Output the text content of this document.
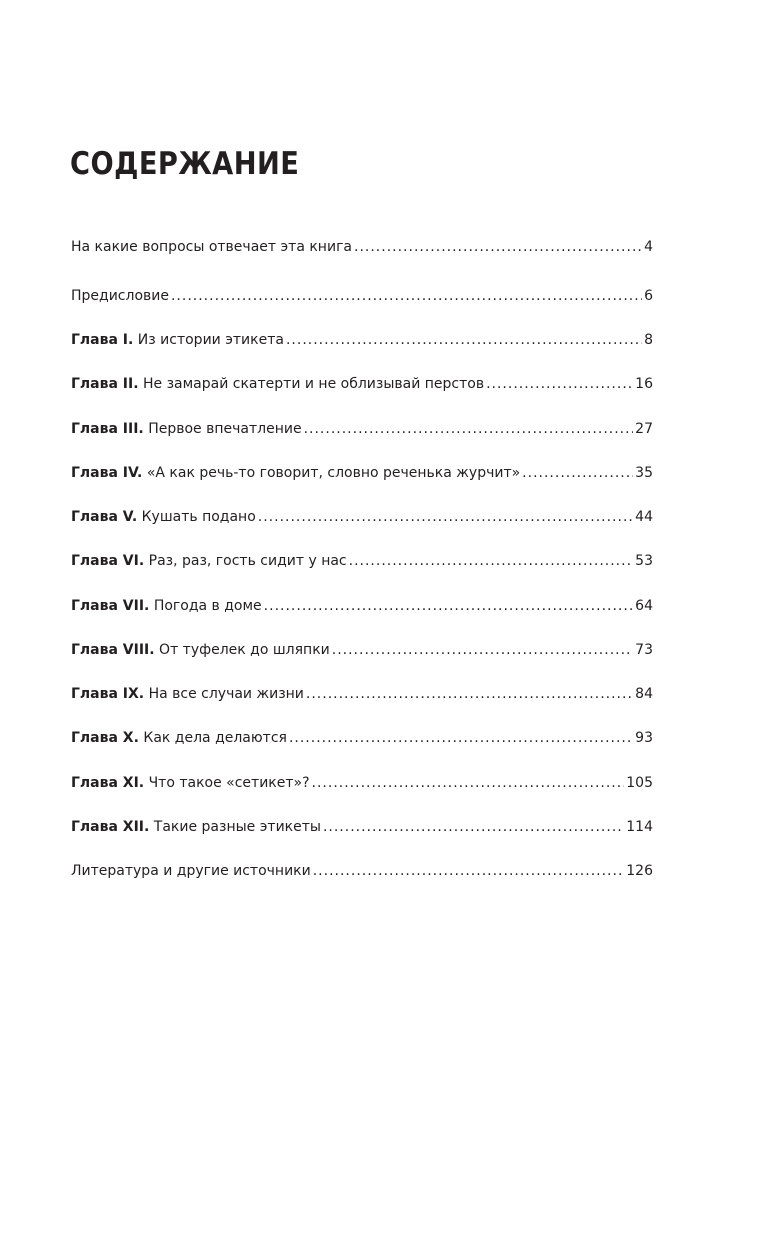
СОДЕРЖАНИЕ
На какие вопросы отвечает эта книга .....	4
Предисловие .....	6
Глава I. Из истории этикета .....	8
Глава II. Не замарай скатерти и не облизывай перстов .....	16
Глава III. Первое впечатление .....	27
Глава IV. «А как речь-то говорит, словно реченька журчит» .....	35
Глава V. Кушать подано .....	44
Глава VI. Раз, раз, гость сидит у нас .....	53
Глава VII. Погода в доме .....	64
Глава VIII. От туфелек до шляпки .....	73
Глава IX. На все случаи жизни .....	84
Глава X. Как дела делаются .....	93
Глава XI. Что такое «сетикет»? .....	105
Глава XII. Такие разные этикеты .....	114
Литература и другие источники .....	126
